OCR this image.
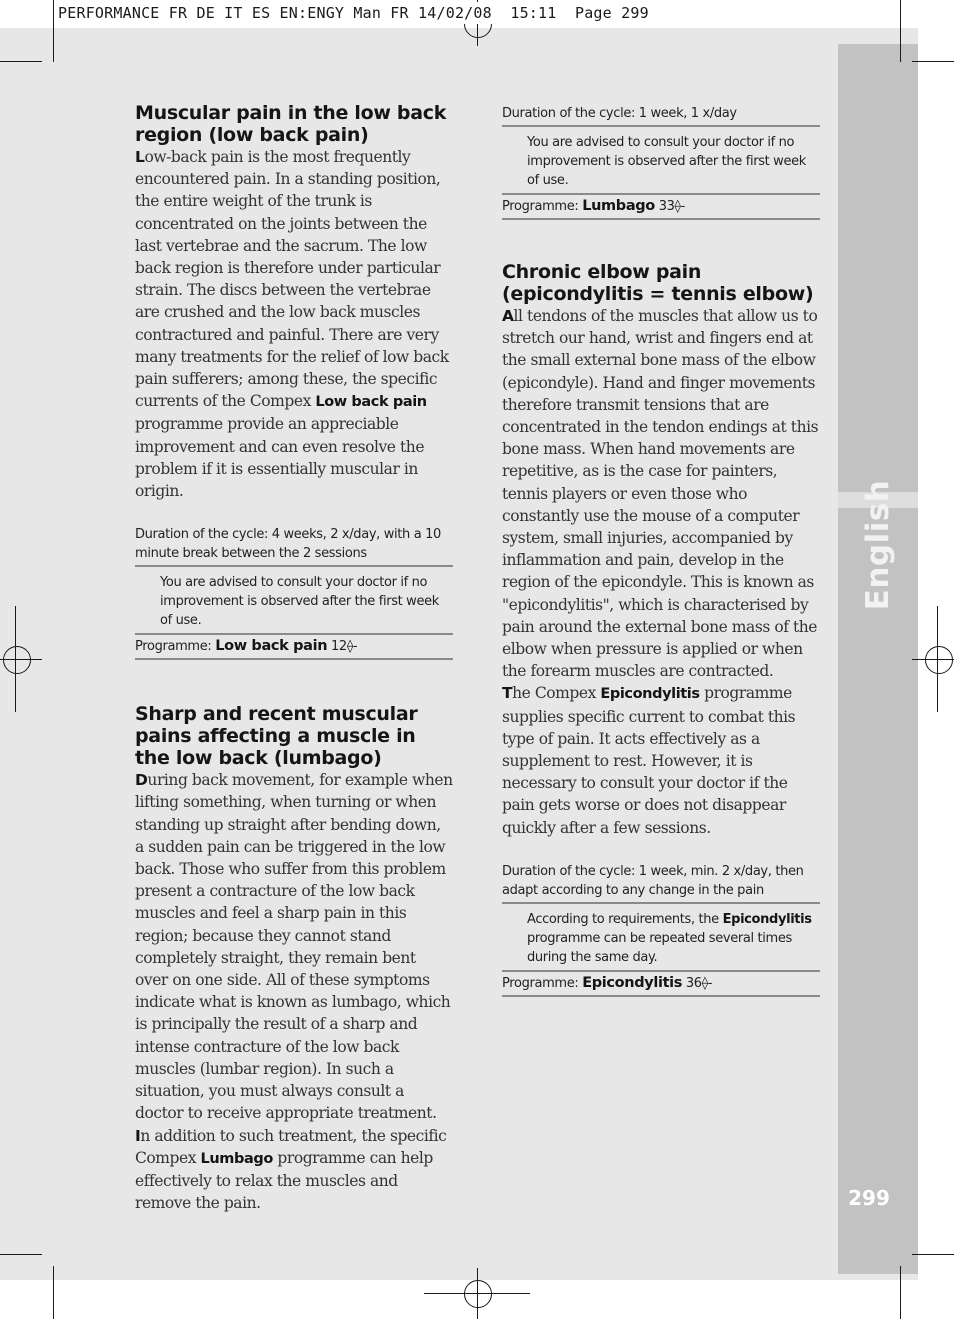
PERFORMANCE FR DE IT ES EN:ENGY Man FR 14/02/08 15:11 Page 299
English
299
Muscular pain in the low back region (low back pain)

Low-back pain is the most frequently encountered pain. In a standing position, the entire weight of the trunk is concentrated on the joints between the last vertebrae and the sacrum. The low back region is therefore under particular strain. The discs between the vertebrae are crushed and the low back muscles contractured and painful. There are very many treatments for the relief of low back pain sufferers; among these, the specific currents of the Compex Low back pain programme provide an appreciable improvement and can even resolve the problem if it is essentially muscular in origin.

Duration of the cycle: 4 weeks, 2 x/day, with a 10 minute break between the 2 sessions
You are advised to consult your doctor if no improvement is observed after the first week of use.
Programme: Low back pain 12⟠-
Sharp and recent muscular pains affecting a muscle in the low back (lumbago)

During back movement, for example when lifting something, when turning or when standing up straight after bending down, a sudden pain can be triggered in the low back. Those who suffer from this problem present a contracture of the low back muscles and feel a sharp pain in this region; because they cannot stand completely straight, they remain bent over on one side. All of these symptoms indicate what is known as lumbago, which is principally the result of a sharp and intense contracture of the low back muscles (lumbar region). In such a situation, you must always consult a doctor to receive appropriate treatment.

In addition to such treatment, the specific Compex Lumbago programme can help effectively to relax the muscles and remove the pain.

Duration of the cycle: 1 week, 1 x/day
You are advised to consult your doctor if no improvement is observed after the first week of use.
Programme: Lumbago 33⟠-
Chronic elbow pain (epicondylitis = tennis elbow)

All tendons of the muscles that allow us to stretch our hand, wrist and fingers end at the small external bone mass of the elbow (epicondyle). Hand and finger movements therefore transmit tensions that are concentrated in the tendon endings at this bone mass. When hand movements are repetitive, as is the case for painters, tennis players or even those who constantly use the mouse of a computer system, small injuries, accompanied by inflammation and pain, develop in the region of the epicondyle. This is known as "epicondylitis", which is characterised by pain around the external bone mass of the elbow when pressure is applied or when the forearm muscles are contracted.

The Compex Epicondylitis programme supplies specific current to combat this type of pain. It acts effectively as a supplement to rest. However, it is necessary to consult your doctor if the pain gets worse or does not disappear quickly after a few sessions.

Duration of the cycle: 1 week, min. 2 x/day, then adapt according to any change in the pain
According to requirements, the Epicondylitis programme can be repeated several times during the same day.
Programme: Epicondylitis 36⟠-
